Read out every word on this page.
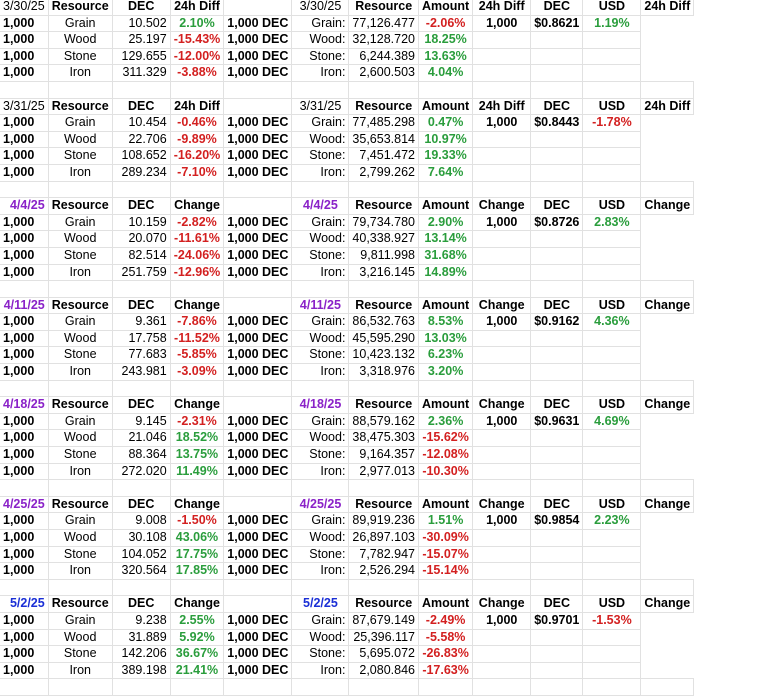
3/30/25	Resource	DEC	24h Diff		3/30/25	Resource	Amount	24h Diff	DEC	USD	24h Diff
1,000	Grain	10.502	2.10%	1,000 DEC	Grain:	77,126.477	-2.06%	1,000	$0.8621	1.19%	
1,000	Wood	25.197	-15.43%	1,000 DEC	Wood:	32,128.720	18.25%				
1,000	Stone	129.655	-12.00%	1,000 DEC	Stone:	6,244.389	13.63%				
1,000	Iron	311.329	-3.88%	1,000 DEC	Iron:	2,600.503	4.04%				

3/31/25	Resource	DEC	24h Diff		3/31/25	Resource	Amount	24h Diff	DEC	USD	24h Diff
1,000	Grain	10.454	-0.46%	1,000 DEC	Grain:	77,485.298	0.47%	1,000	$0.8443	-1.78%	
1,000	Wood	22.706	-9.89%	1,000 DEC	Wood:	35,653.814	10.97%				
1,000	Stone	108.652	-16.20%	1,000 DEC	Stone:	7,451.472	19.33%				
1,000	Iron	289.234	-7.10%	1,000 DEC	Iron:	2,799.262	7.64%				

4/4/25	Resource	DEC	Change		4/4/25	Resource	Amount	Change	DEC	USD	Change
1,000	Grain	10.159	-2.82%	1,000 DEC	Grain:	79,734.780	2.90%	1,000	$0.8726	2.83%	
1,000	Wood	20.070	-11.61%	1,000 DEC	Wood:	40,338.927	13.14%				
1,000	Stone	82.514	-24.06%	1,000 DEC	Stone:	9,811.998	31.68%				
1,000	Iron	251.759	-12.96%	1,000 DEC	Iron:	3,216.145	14.89%				

4/11/25	Resource	DEC	Change		4/11/25	Resource	Amount	Change	DEC	USD	Change
1,000	Grain	9.361	-7.86%	1,000 DEC	Grain:	86,532.763	8.53%	1,000	$0.9162	4.36%	
1,000	Wood	17.758	-11.52%	1,000 DEC	Wood:	45,595.290	13.03%				
1,000	Stone	77.683	-5.85%	1,000 DEC	Stone:	10,423.132	6.23%				
1,000	Iron	243.981	-3.09%	1,000 DEC	Iron:	3,318.976	3.20%				

4/18/25	Resource	DEC	Change		4/18/25	Resource	Amount	Change	DEC	USD	Change
1,000	Grain	9.145	-2.31%	1,000 DEC	Grain:	88,579.162	2.36%	1,000	$0.9631	4.69%	
1,000	Wood	21.046	18.52%	1,000 DEC	Wood:	38,475.303	-15.62%				
1,000	Stone	88.364	13.75%	1,000 DEC	Stone:	9,164.357	-12.08%				
1,000	Iron	272.020	11.49%	1,000 DEC	Iron:	2,977.013	-10.30%				

4/25/25	Resource	DEC	Change		4/25/25	Resource	Amount	Change	DEC	USD	Change
1,000	Grain	9.008	-1.50%	1,000 DEC	Grain:	89,919.236	1.51%	1,000	$0.9854	2.23%	
1,000	Wood	30.108	43.06%	1,000 DEC	Wood:	26,897.103	-30.09%				
1,000	Stone	104.052	17.75%	1,000 DEC	Stone:	7,782.947	-15.07%				
1,000	Iron	320.564	17.85%	1,000 DEC	Iron:	2,526.294	-15.14%				

5/2/25	Resource	DEC	Change		5/2/25	Resource	Amount	Change	DEC	USD	Change
1,000	Grain	9.238	2.55%	1,000 DEC	Grain:	87,679.149	-2.49%	1,000	$0.9701	-1.53%	
1,000	Wood	31.889	5.92%	1,000 DEC	Wood:	25,396.117	-5.58%				
1,000	Stone	142.206	36.67%	1,000 DEC	Stone:	5,695.072	-26.83%				
1,000	Iron	389.198	21.41%	1,000 DEC	Iron:	2,080.846	-17.63%				
